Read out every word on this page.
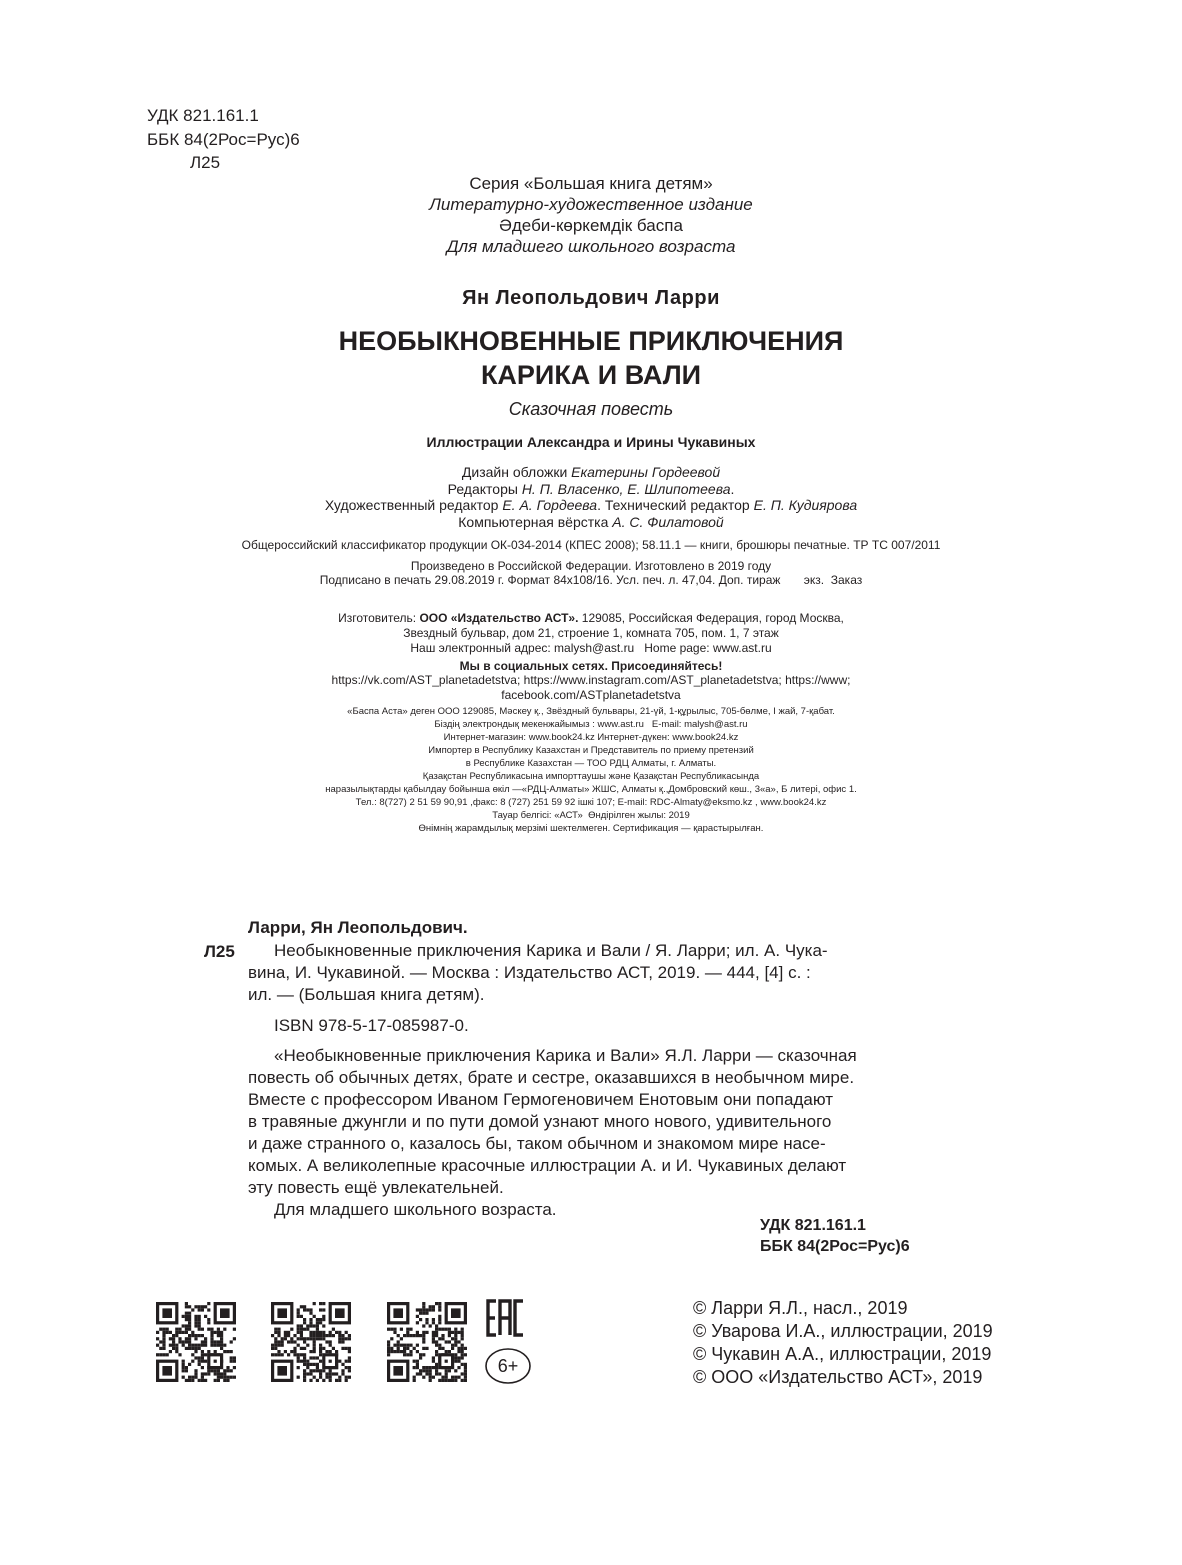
УДК 821.161.1
ББК 84(2Рос=Рус)6
Л25
Серия «Большая книга детям»
Литературно-художественное издание
Әдеби-көркемдік баспа
Для младшего школьного возраста
Ян Леопольдович Ларри
НЕОБЫКНОВЕННЫЕ ПРИКЛЮЧЕНИЯ
КАРИКА И ВАЛИ
Сказочная повесть
Иллюстрации Александра и Ирины Чукавиных
Дизайн обложки Екатерины Гордеевой
Редакторы Н. П. Власенко, Е. Шлипотеева.
Художественный редактор Е. А. Гордеева. Технический редактор Е. П. Кудиярова
Компьютерная вёрстка А. С. Филатовой
Общероссийский классификатор продукции ОК-034-2014 (КПЕС 2008); 58.11.1 — книги, брошюры печатные. ТР ТС 007/2011
Произведено в Российской Федерации. Изготовлено в 2019 году
Подписано в печать 29.08.2019 г. Формат 84х108/16. Усл. печ. л. 47,04. Доп. тираж       экз.  Заказ
Изготовитель: ООО «Издательство АСТ». 129085, Российская Федерация, город Москва,
Звездный бульвар, дом 21, строение 1, комната 705, пом. 1, 7 этаж
Наш электронный адрес: malysh@ast.ru   Home page: www.ast.ru
Мы в социальных сетях. Присоединяйтесь!
https://vk.com/AST_planetadetstva; https://www.instagram.com/AST_planetadetstva; https://www;
facebook.com/ASTplanetadetstva
«Баспа Аста» деген ООО 129085, Мәскеу қ., Звёздный бульвары, 21-үй, 1-құрылыс, 705-бөлме, I жай, 7-қабат.
Біздің электрондық мекенжайымыз : www.ast.ru   E-mail: malysh@ast.ru
Интернет-магазин: www.book24.kz Интернет-дүкен: www.book24.kz
Импортер в Республику Казахстан и Представитель по приему претензий
в Республике Казахстан — ТОО РДЦ Алматы, г. Алматы.
Қазақстан Республикасына импорттаушы және Қазақстан Республикасында
наразылықтарды қабылдау бойынша өкіл —«РДЦ-Алматы» ЖШС, Алматы қ.,Домбровский көш., 3«а», Б литері, офис 1.
Тел.: 8(727) 2 51 59 90,91 ,факс: 8 (727) 251 59 92 ішкі 107; E-mail: RDC-Almaty@eksmo.kz , www.book24.kz
Тауар белгісі: «АСТ»  Өндірілген жылы: 2019
Өнімнің жарамдылық мерзімі шектелмеген. Сертификация — қарастырылған.
Ларри, Ян Леопольдович.
Л25 Необыкновенные приключения Карика и Вали / Я. Ларри; ил. А. Чука-
вина, И. Чукавиной. — Москва : Издательство АСТ, 2019. — 444, [4] с. :
ил. — (Большая книга детям).
ISBN 978-5-17-085987-0.
«Необыкновенные приключения Карика и Вали» Я.Л. Ларри — сказочная
повесть об обычных детях, брате и сестре, оказавшихся в необычном мире.
Вместе с профессором Иваном Гермогеновичем Енотовым они попадают
в травяные джунгли и по пути домой узнают много нового, удивительного
и даже странного о, казалось бы, таком обычном и знакомом мире насе-
комых. А великолепные красочные иллюстрации А. и И. Чукавиных делают
эту повесть ещё увлекательней.
Для младшего школьного возраста.
УДК 821.161.1
ББК 84(2Рос=Рус)6
6+
© Ларри Я.Л., насл., 2019
© Уварова И.А., иллюстрации, 2019
© Чукавин А.А., иллюстрации, 2019
© ООО «Издательство АСТ», 2019
